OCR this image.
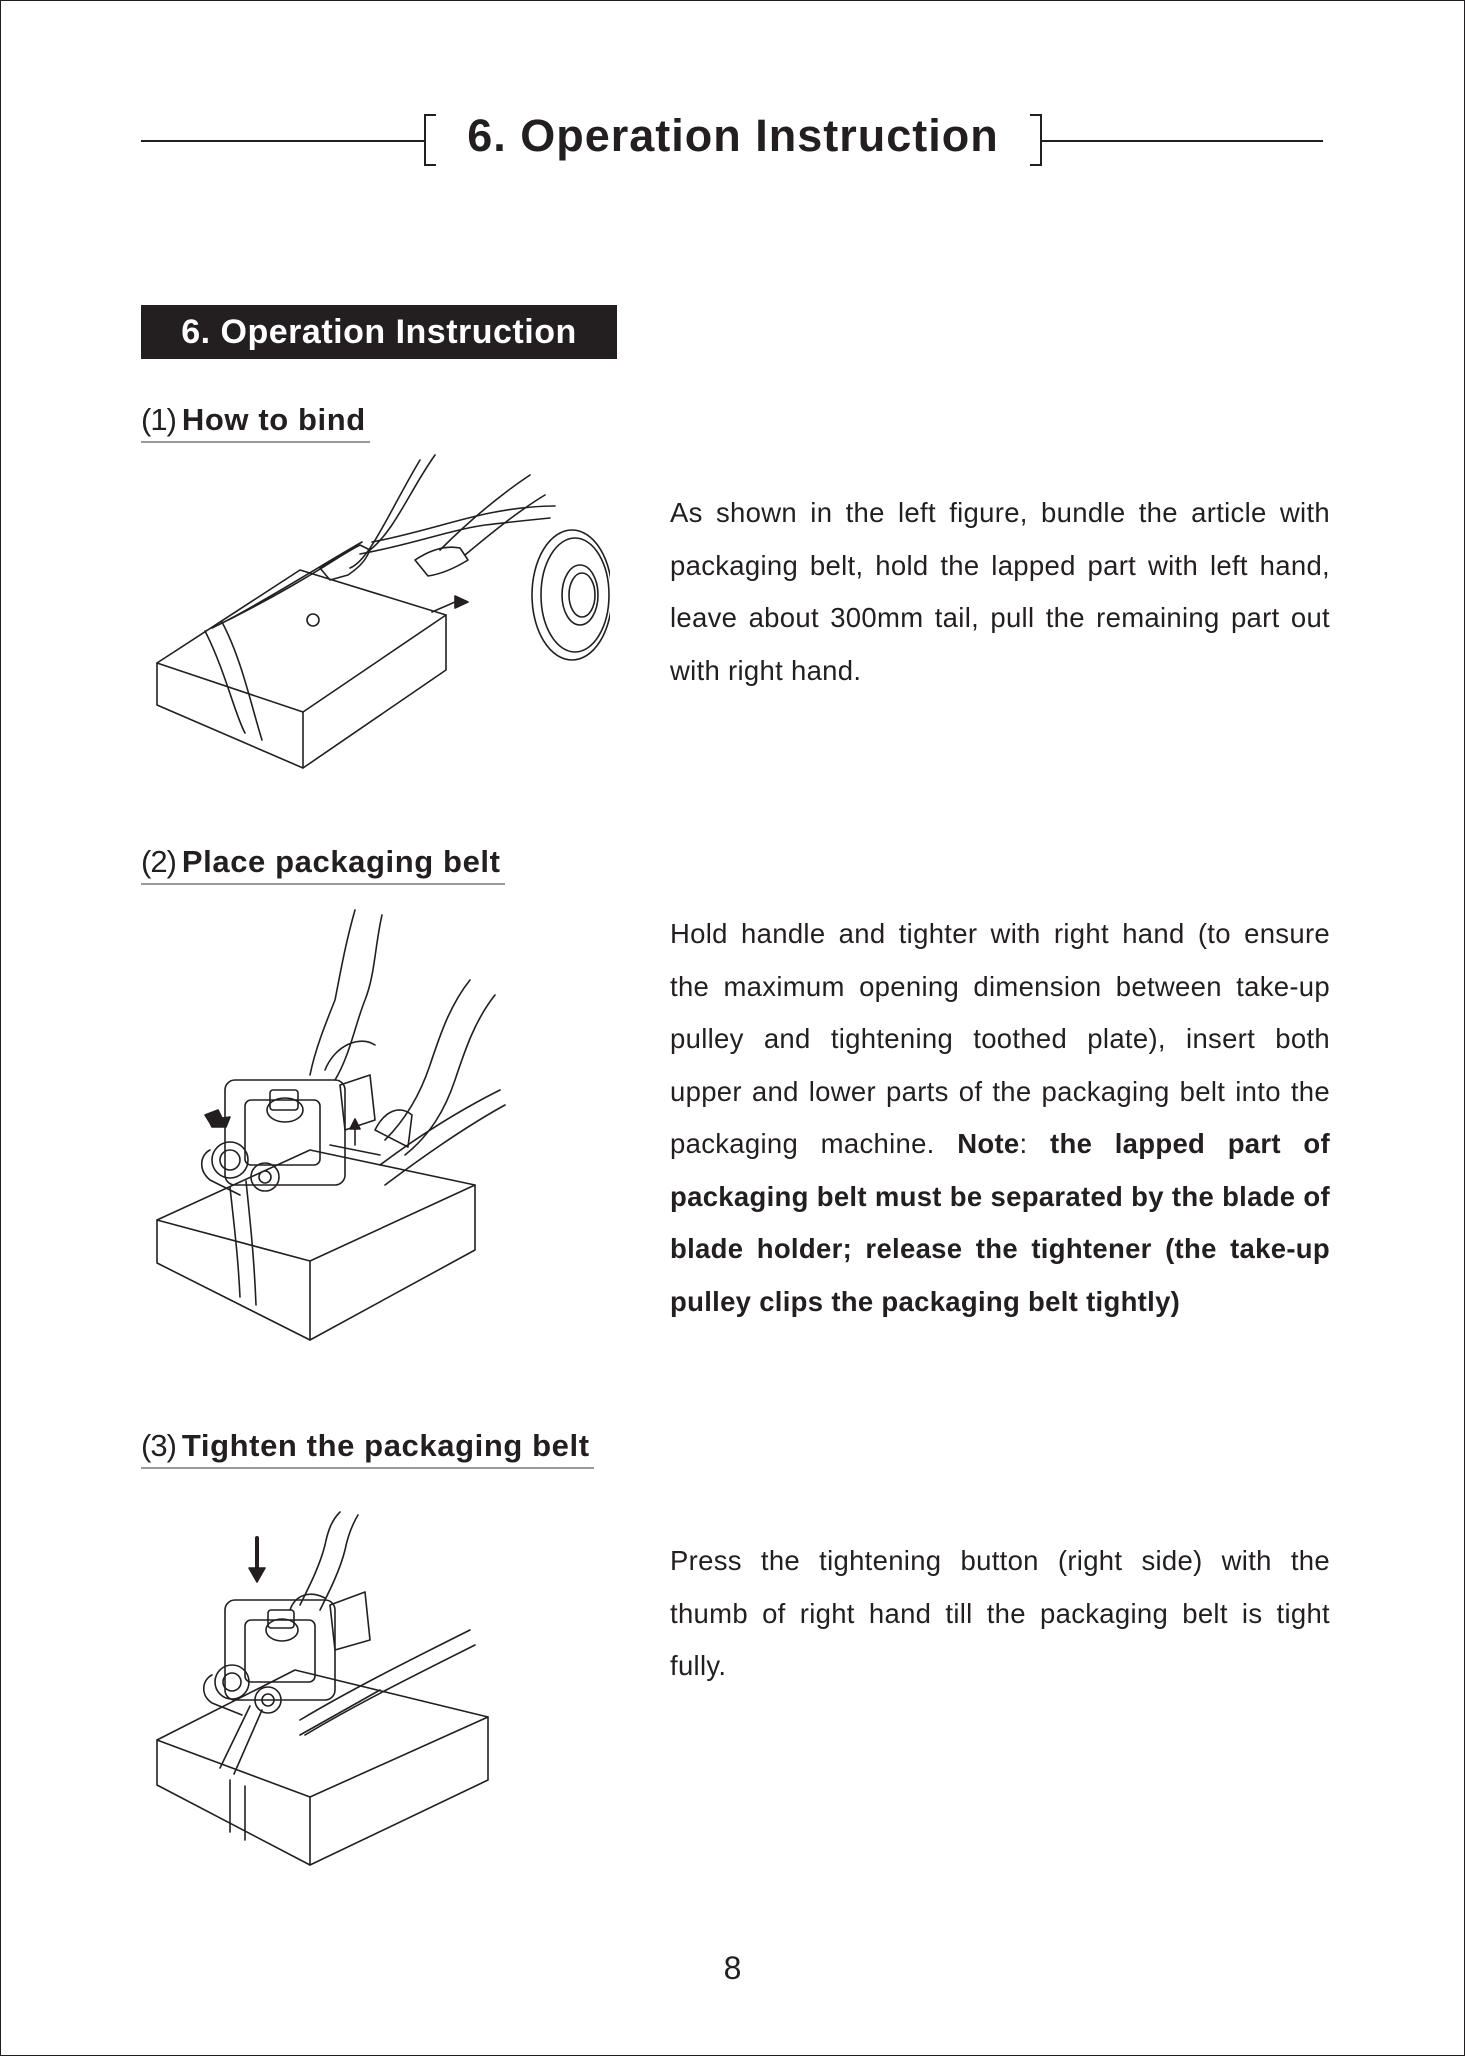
6. Operation Instruction
6. Operation Instruction
(1) How to bind
As shown in the left figure, bundle the article with packaging belt, hold the lapped part with left hand, leave about 300mm tail, pull the remaining part out with right hand.
(2) Place packaging belt
Hold handle and tighter with right hand (to ensure the maximum opening dimension between take-up pulley and tightening toothed plate), insert both upper and lower parts of the packaging belt into the packaging machine. Note: the lapped part of packaging belt must be separated by the blade of blade holder; release the tightener (the take-up pulley clips the packaging belt tightly)
(3) Tighten the packaging belt
Press the tightening button (right side) with the thumb of right hand till the packaging belt is tight fully.
8
